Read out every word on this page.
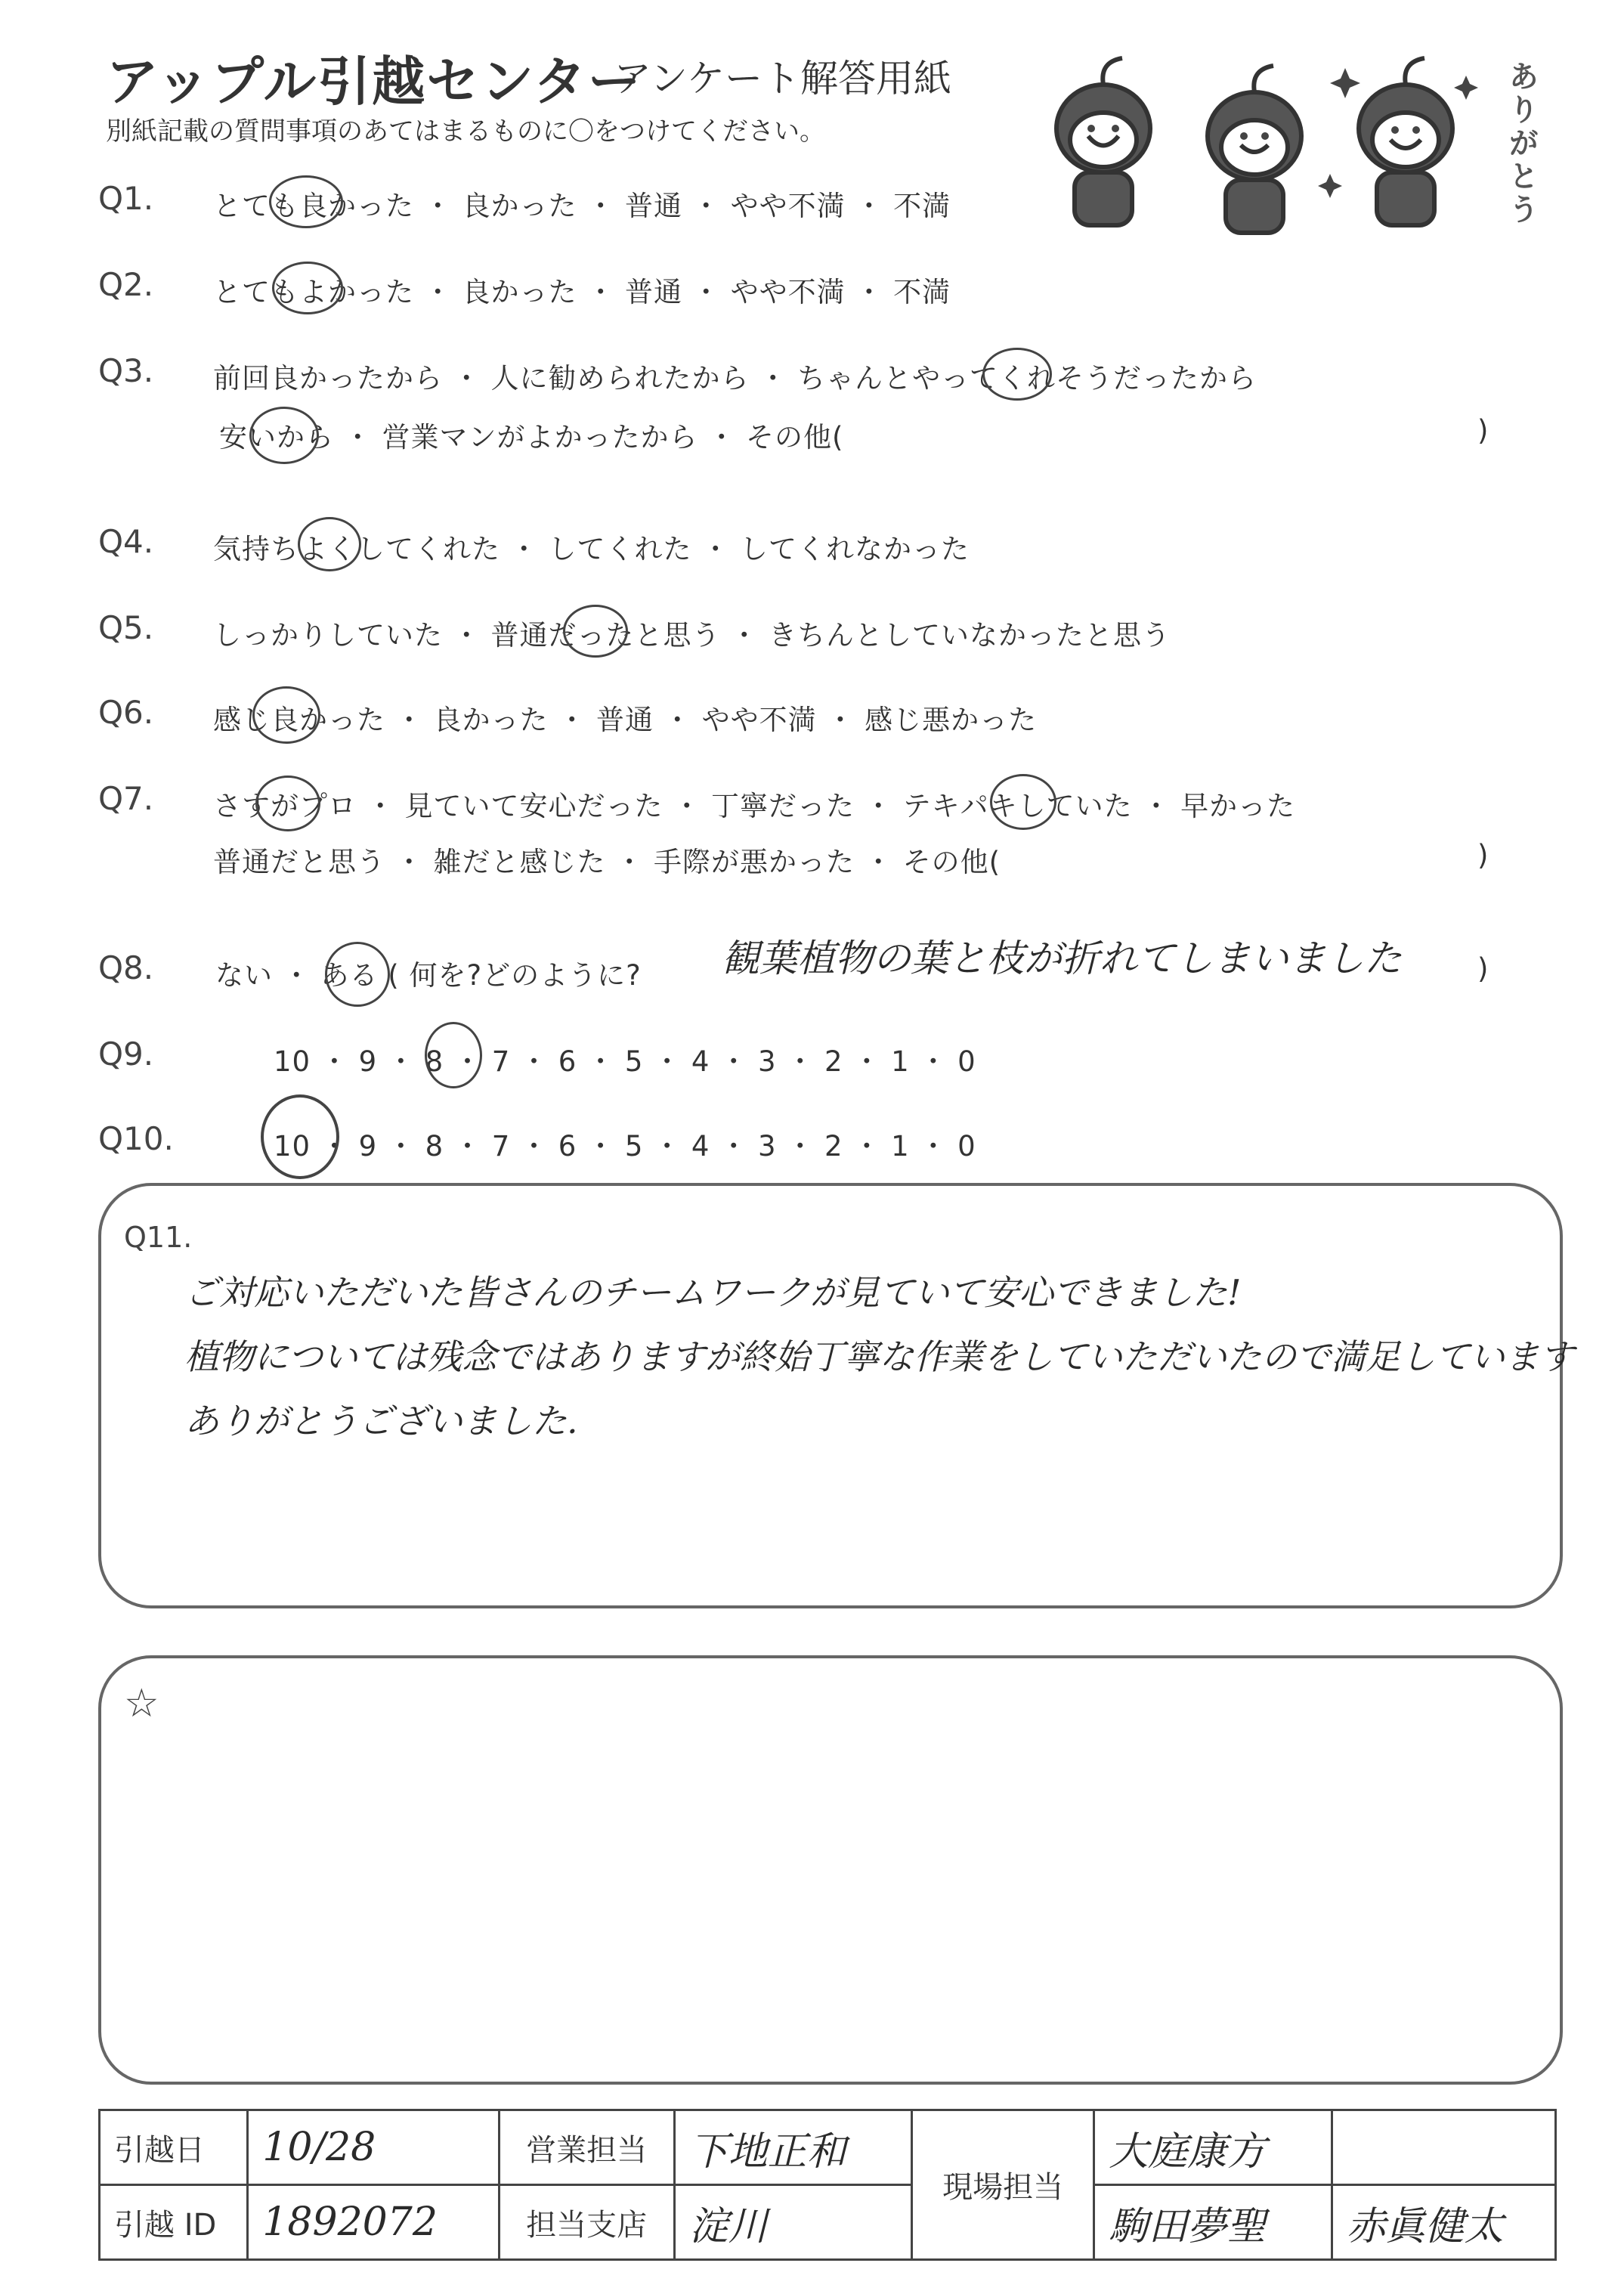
アップル引越センター
アンケート解答用紙
別紙記載の質問事項のあてはまるものに〇をつけてください。	ありがとう
Q1. とても良かった ・ 良かった ・ 普通 ・ やや不満 ・ 不満
Q2. とてもよかった ・ 良かった ・ 普通 ・ やや不満 ・ 不満
Q3. 前回良かったから ・ 人に勧められたから ・ ちゃんとやってくれそうだったから
安いから ・ 営業マンがよかったから ・ その他(	)
Q4. 気持ちよくしてくれた ・ してくれた ・ してくれなかった
Q5. しっかりしていた ・ 普通だったと思う ・ きちんとしていなかったと思う
Q6. 感じ良かった ・ 良かった ・ 普通 ・ やや不満 ・ 感じ悪かった
Q7. さすがプロ ・ 見ていて安心だった ・ 丁寧だった ・ テキパキしていた ・ 早かった
普通だと思う ・ 雑だと感じた ・ 手際が悪かった ・ その他(	)
Q8. ない ・ ある ( 何を?どのように?	)
観葉植物の葉と枝が折れてしまいました
Q9.	10 ・ 9 ・ 8 ・ 7 ・ 6 ・ 5 ・ 4 ・ 3 ・ 2 ・ 1 ・ 0
Q10.	10 ・ 9 ・ 8 ・ 7 ・ 6 ・ 5 ・ 4 ・ 3 ・ 2 ・ 1 ・ 0
Q11.
ご対応いただいた皆さんのチームワークが見ていて安心できました!
植物については残念ではありますが終始丁寧な作業をしていただいたので満足しています
ありがとうございました.
☆
引越日	10/28	営業担当	下地正和	現場担当	大庭康方	
引越 ID	1892072	担当支店	淀川		駒田夢聖	赤眞健太
